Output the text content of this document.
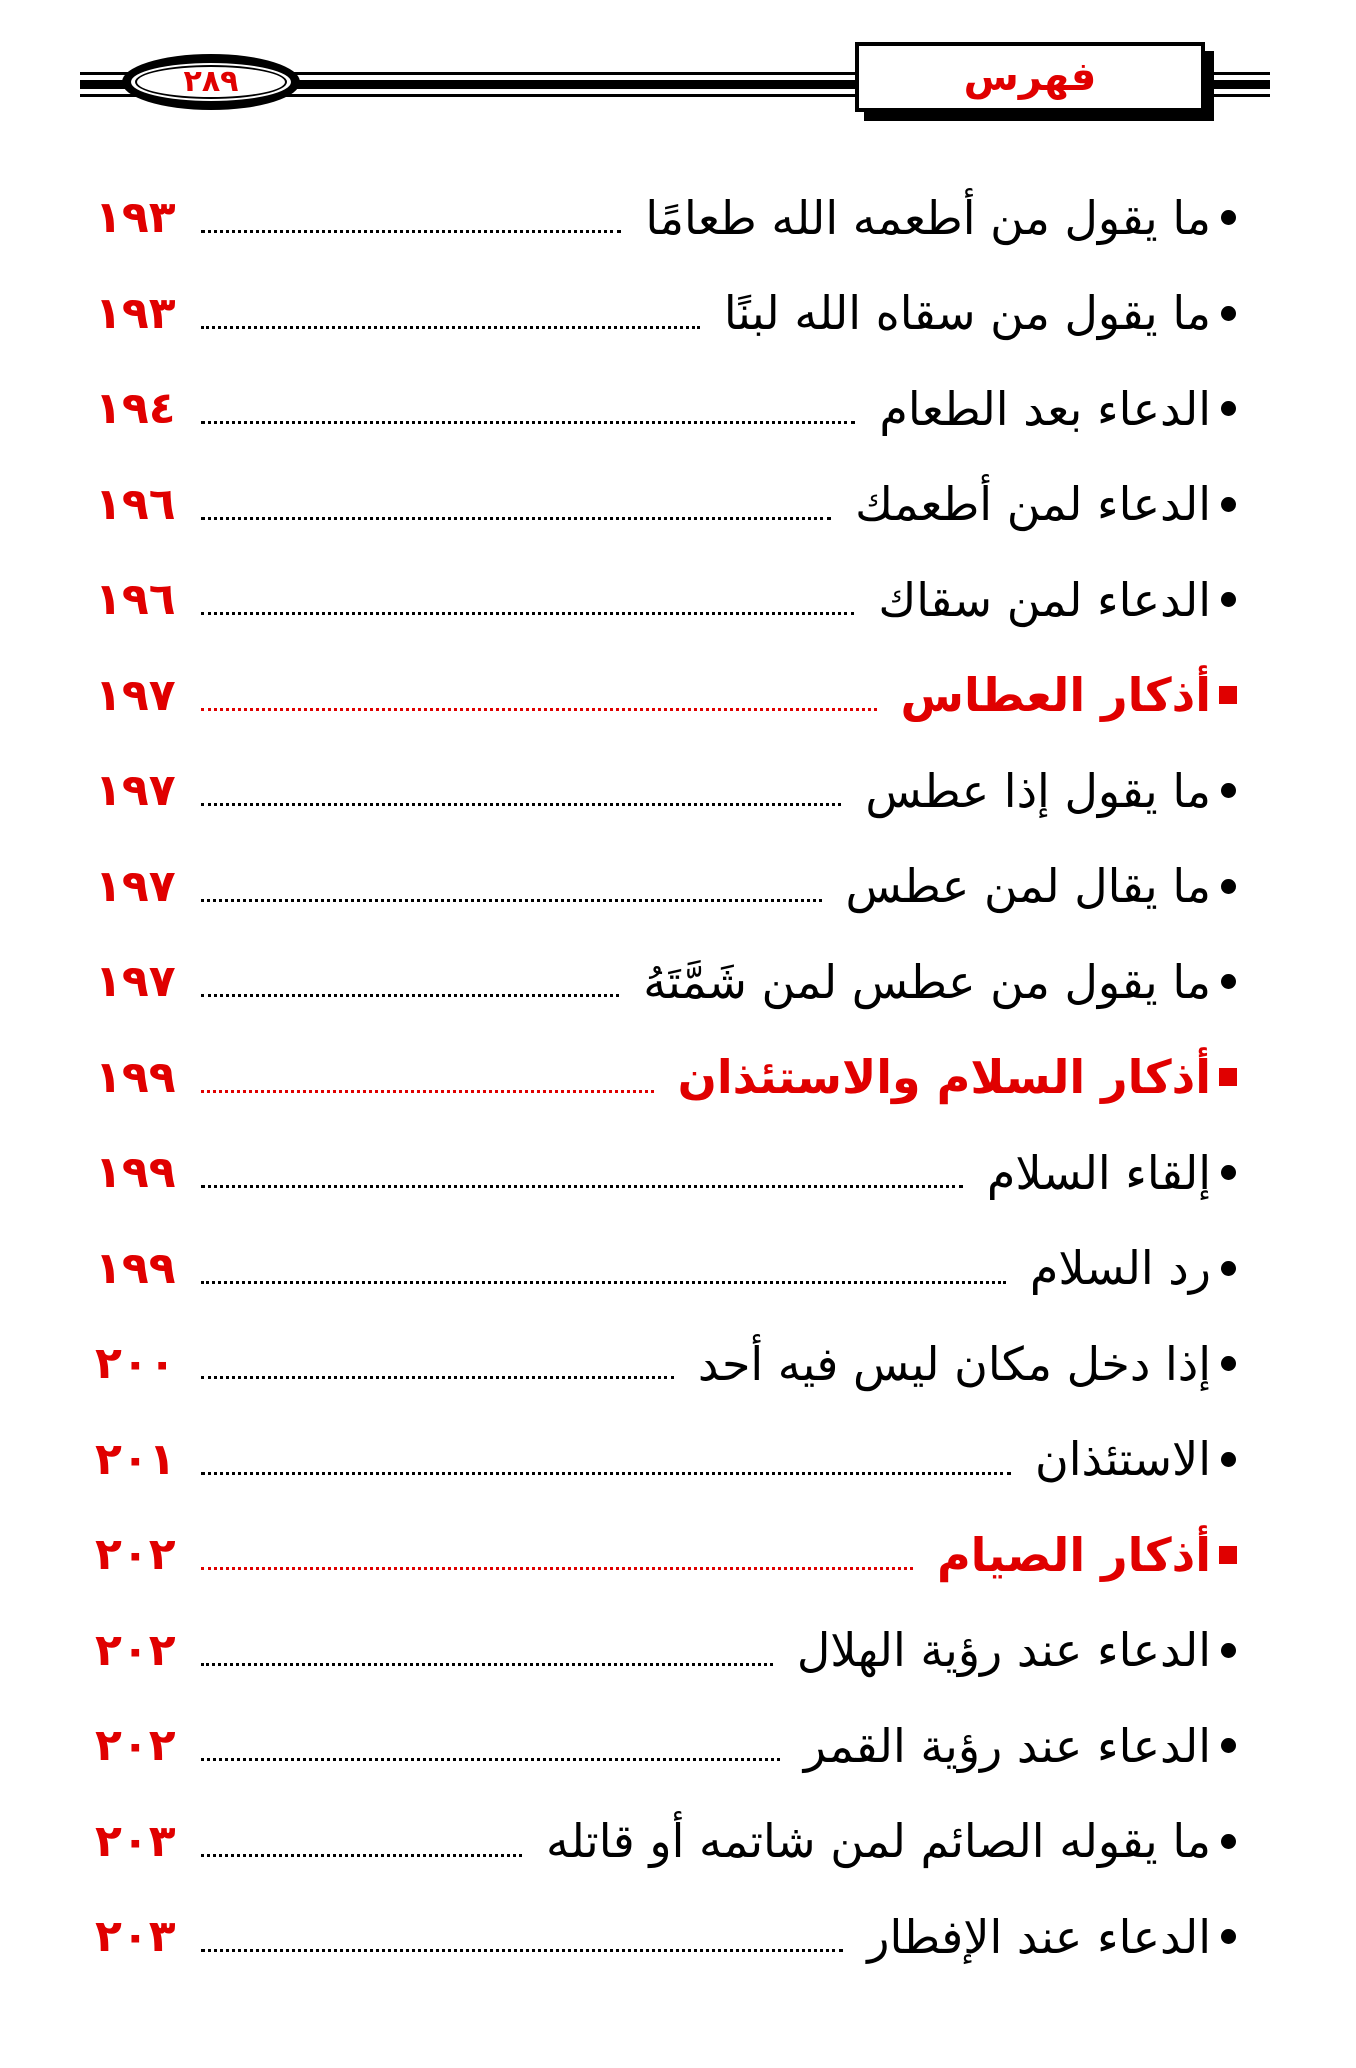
٢٨٩	فهرس
ما يقول من أطعمه الله طعامًا
١٩٣
ما يقول من سقاه الله لبنًا
١٩٣
الدعاء بعد الطعام
١٩٤
الدعاء لمن أطعمك
١٩٦
الدعاء لمن سقاك
١٩٦
أذكار العطاس
١٩٧
ما يقول إذا عطس
١٩٧
ما يقال لمن عطس
١٩٧
ما يقول من عطس لمن شَمَّتَهُ
١٩٧
أذكار السلام والاستئذان
١٩٩
إلقاء السلام
١٩٩
رد السلام
١٩٩
إذا دخل مكان ليس فيه أحد
٢٠٠
الاستئذان
٢٠١
أذكار الصيام
٢٠٢
الدعاء عند رؤية الهلال
٢٠٢
الدعاء عند رؤية القمر
٢٠٢
ما يقوله الصائم لمن شاتمه أو قاتله
٢٠٣
الدعاء عند الإفطار
٢٠٣
